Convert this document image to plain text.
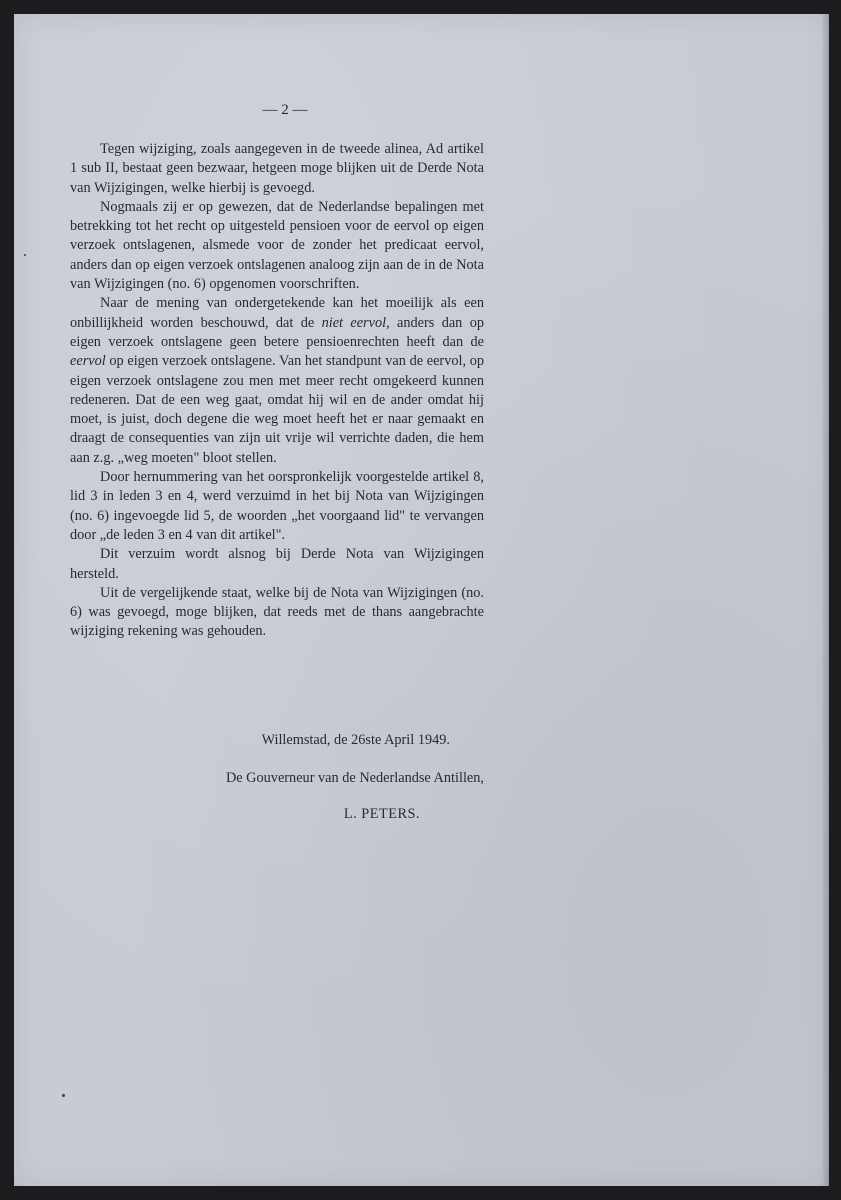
— 2 —

Tegen wijziging, zoals aangegeven in de tweede alinea, Ad artikel 1 sub II, bestaat geen bezwaar, hetgeen moge blijken uit de Derde Nota van Wijzigingen, welke hierbij is gevoegd.

Nogmaals zij er op gewezen, dat de Nederlandse bepalingen met betrekking tot het recht op uitgesteld pensioen voor de eervol op eigen verzoek ontslagenen, alsmede voor de zonder het predicaat eervol, anders dan op eigen verzoek ontslagenen analoog zijn aan de in de Nota van Wijzigingen (no. 6) opgenomen voorschriften.

Naar de mening van ondergetekende kan het moeilijk als een onbillijkheid worden beschouwd, dat de niet eervol, anders dan op eigen verzoek ontslagene geen betere pensioenrechten heeft dan de eervol op eigen verzoek ontslagene. Van het standpunt van de eervol, op eigen verzoek ontslagene zou men met meer recht omgekeerd kunnen redeneren. Dat de een weg gaat, omdat hij wil en de ander omdat hij moet, is juist, doch degene die weg moet heeft het er naar gemaakt en draagt de consequenties van zijn uit vrije wil verrichte daden, die hem aan z.g. „weg moeten" bloot stellen.

Door hernummering van het oorspronkelijk voorgestelde artikel 8, lid 3 in leden 3 en 4, werd verzuimd in het bij Nota van Wijzigingen (no. 6) ingevoegde lid 5, de woorden „het voorgaand lid" te vervangen door „de leden 3 en 4 van dit artikel".

Dit verzuim wordt alsnog bij Derde Nota van Wijzigingen hersteld.

Uit de vergelijkende staat, welke bij de Nota van Wijzigingen (no. 6) was gevoegd, moge blijken, dat reeds met de thans aangebrachte wijziging rekening was gehouden.

Willemstad, de 26ste April 1949.
De Gouverneur van de Nederlandse Antillen,
L. PETERS.
